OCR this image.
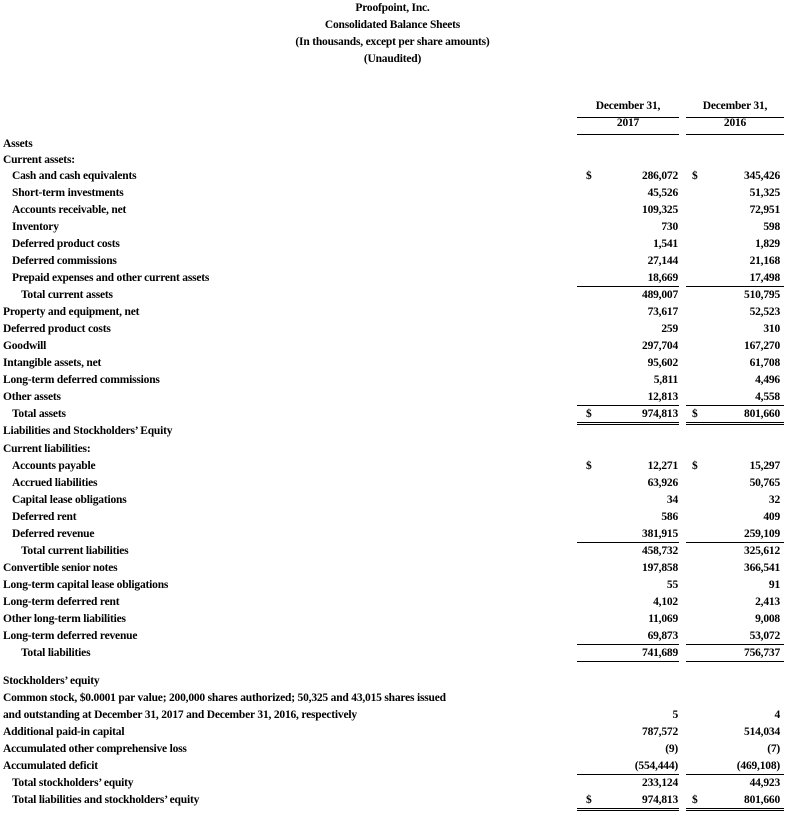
Proofpoint, Inc.
Consolidated Balance Sheets
(In thousands, except per share amounts)
(Unaudited)
December 31,
2017
December 31,
2016
Assets
Current assets:
Cash and cash equivalents	$	286,072 $	345,426
Short-term investments	45,526	51,325
Accounts receivable, net	109,325	72,951
Inventory	730	598
Deferred product costs	1,541	1,829
Deferred commissions	27,144	21,168
Prepaid expenses and other current assets	18,669	17,498
Total current assets	489,007	510,795
Property and equipment, net	73,617	52,523
Deferred product costs	259	310
Goodwill	297,704	167,270
Intangible assets, net	95,602	61,708
Long-term deferred commissions	5,811	4,496
Other assets	12,813	4,558
Total assets	$	974,813 $	801,660
Liabilities and Stockholders’ Equity
Current liabilities:
Accounts payable	$	12,271 $	15,297
Accrued liabilities	63,926	50,765
Capital lease obligations	34	32
Deferred rent	586	409
Deferred revenue	381,915	259,109
Total current liabilities	458,732	325,612
Convertible senior notes	197,858	366,541
Long-term capital lease obligations	55	91
Long-term deferred rent	4,102	2,413
Other long-term liabilities	11,069	9,008
Long-term deferred revenue	69,873	53,072
Total liabilities	741,689	756,737
Stockholders’ equity
Common stock, $0.0001 par value; 200,000 shares authorized; 50,325 and 43,015 shares issued
and outstanding at December 31, 2017 and December 31, 2016, respectively	5	4
Additional paid-in capital	787,572	514,034
Accumulated other comprehensive loss	(9)	(7)
Accumulated deficit	(554,444)	(469,108)
Total stockholders’ equity	233,124	44,923
Total liabilities and stockholders’ equity	$	974,813 $	801,660
